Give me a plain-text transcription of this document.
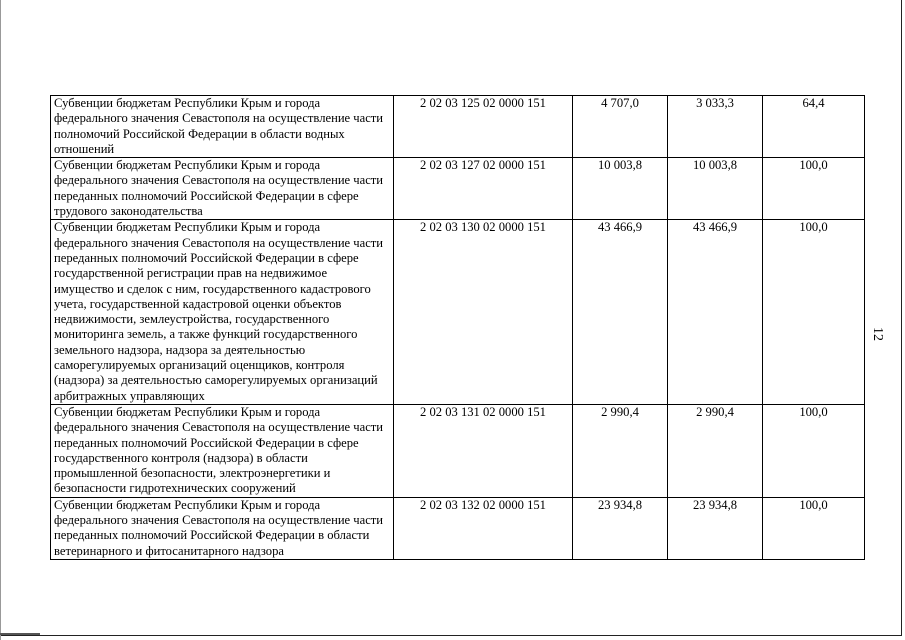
Субвенции бюджетам Республики Крым и города федерального значения Севастополя на осуществление части полномочий Российской Федерации в области водных отношений	2 02 03 125 02 0000 151	4 707,0	3 033,3	64,4
Субвенции бюджетам Республики Крым и города федерального значения Севастополя на осуществление части переданных полномочий Российской Федерации в сфере трудового законодательства	2 02 03 127 02 0000 151	10 003,8	10 003,8	100,0
Субвенции бюджетам Республики Крым и города федерального значения Севастополя на осуществление части переданных полномочий Российской Федерации в сфере государственной регистрации прав на недвижимое имущество и сделок с ним, государственного кадастрового учета, государственной кадастровой оценки объектов недвижимости, землеустройства, государственного мониторинга земель, а также функций государственного земельного надзора, надзора за деятельностью саморегулируемых организаций оценщиков, контроля (надзора) за деятельностью саморегулируемых организаций арбитражных управляющих	2 02 03 130 02 0000 151	43 466,9	43 466,9	100,0
Субвенции бюджетам Республики Крым и города федерального значения Севастополя на осуществление части переданных полномочий Российской Федерации в сфере государственного контроля (надзора) в области промышленной безопасности, электроэнергетики и безопасности гидротехнических сооружений	2 02 03 131 02 0000 151	2 990,4	2 990,4	100,0
Субвенции бюджетам Республики Крым и города федерального значения Севастополя на осуществление части переданных полномочий Российской Федерации в области ветеринарного и фитосанитарного надзора	2 02 03 132 02 0000 151	23 934,8	23 934,8	100,0
12
